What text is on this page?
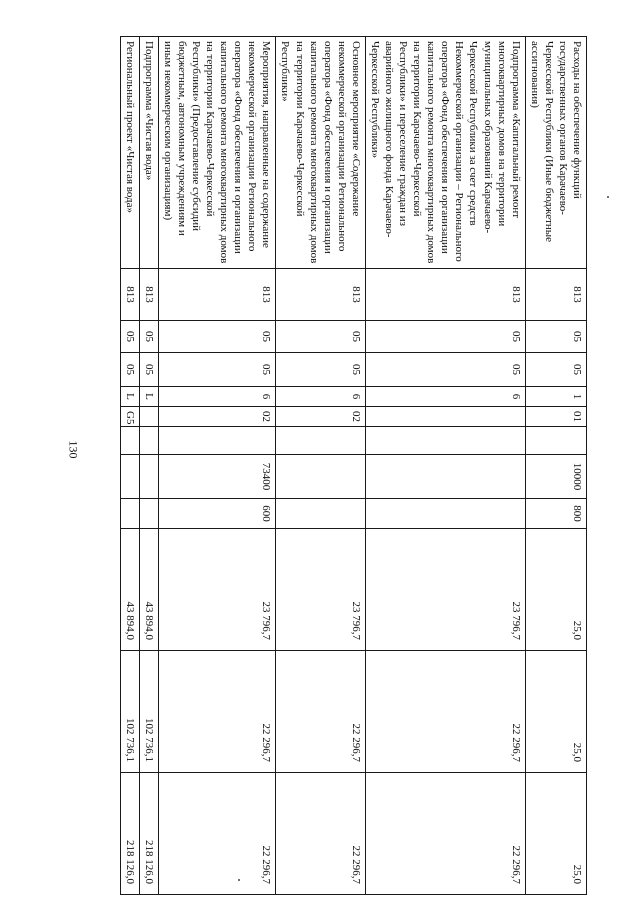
130
Расходы на обеспечение функций государственных органов Карачаево-Черкесской Республики (Иные бюджетные ассигнования)	813	05	05	1	01		10000	800	25,0	25,0	25,0
Подпрограмма «Капитальный ремонт многоквартирных домов на территории муниципальных образований Карачаево-Черкесской Республики за счет средств Некоммерческой организации – Регионального оператора «Фонд обеспечения и организации капитального ремонта многоквартирных домов на территории Карачаево-Черкесской Республики» и переселение граждан из аварийного жилищного фонда Карачаево-Черкесской Республики»	813	05	05	6					23 796,7	22 296,7	22 296,7
Основное мероприятие «Содержание некоммерческой организации Регионального оператора «Фонд обеспечения и организации капитального ремонта многоквартирных домов на территории Карачаево-Черкесской Республики»	813	05	05	6	02				23 796,7	22 296,7	22 296,7
Мероприятия, направленные на содержание некоммерческой организации Регионального оператора «Фонд обеспечения и организации капитального ремонта многоквартирных домов на территории Карачаево-Черкесской Республики» (Предоставление субсидий бюджетным, автономным учреждениям и иным некоммерческим организациям)	813	05	05	6	02		73400	600	23 796,7	22 296,7	22 296,7
Подпрограмма «Чистая вода»	813	05	05	L					43 894,0	102 736,1	218 126,0
Региональный проект «Чистая вода»	813	05	05	L	G5				43 894,0	102 736,1	218 126,0
